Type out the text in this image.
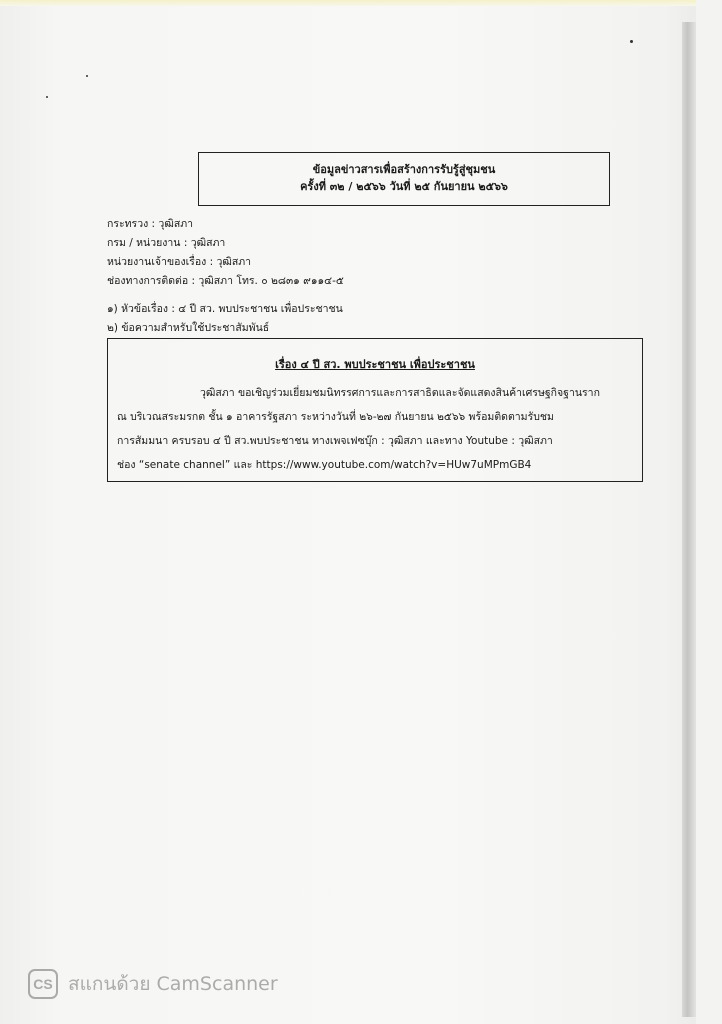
ข้อมูลข่าวสารเพื่อสร้างการรับรู้สู่ชุมชน
ครั้งที่ ๓๒ / ๒๕๖๖ วันที่ ๒๕ กันยายน ๒๕๖๖
กระทรวง : วุฒิสภา
กรม / หน่วยงาน : วุฒิสภา
หน่วยงานเจ้าของเรื่อง : วุฒิสภา
ช่องทางการติดต่อ : วุฒิสภา โทร. ๐ ๒๘๓๑ ๙๑๑๔-๕
๑) หัวข้อเรื่อง : ๔ ปี สว. พบประชาชน เพื่อประชาชน
๒) ข้อความสำหรับใช้ประชาสัมพันธ์
เรื่อง ๔ ปี สว. พบประชาชน เพื่อประชาชน
วุฒิสภา ขอเชิญร่วมเยี่ยมชมนิทรรศการและการสาธิตและจัดแสดงสินค้าเศรษฐกิจฐานราก
ณ บริเวณสระมรกต ชั้น ๑ อาคารรัฐสภา ระหว่างวันที่ ๒๖-๒๗ กันยายน ๒๕๖๖ พร้อมติดตามรับชม
การสัมมนา ครบรอบ ๔ ปี สว.พบประชาชน ทางเพจเฟซบุ๊ก : วุฒิสภา และทาง Youtube : วุฒิสภา
ช่อง “senate channel” และ https://www.youtube.com/watch?v=HUw7uMPmGB4
CS สแกนด้วย CamScanner
